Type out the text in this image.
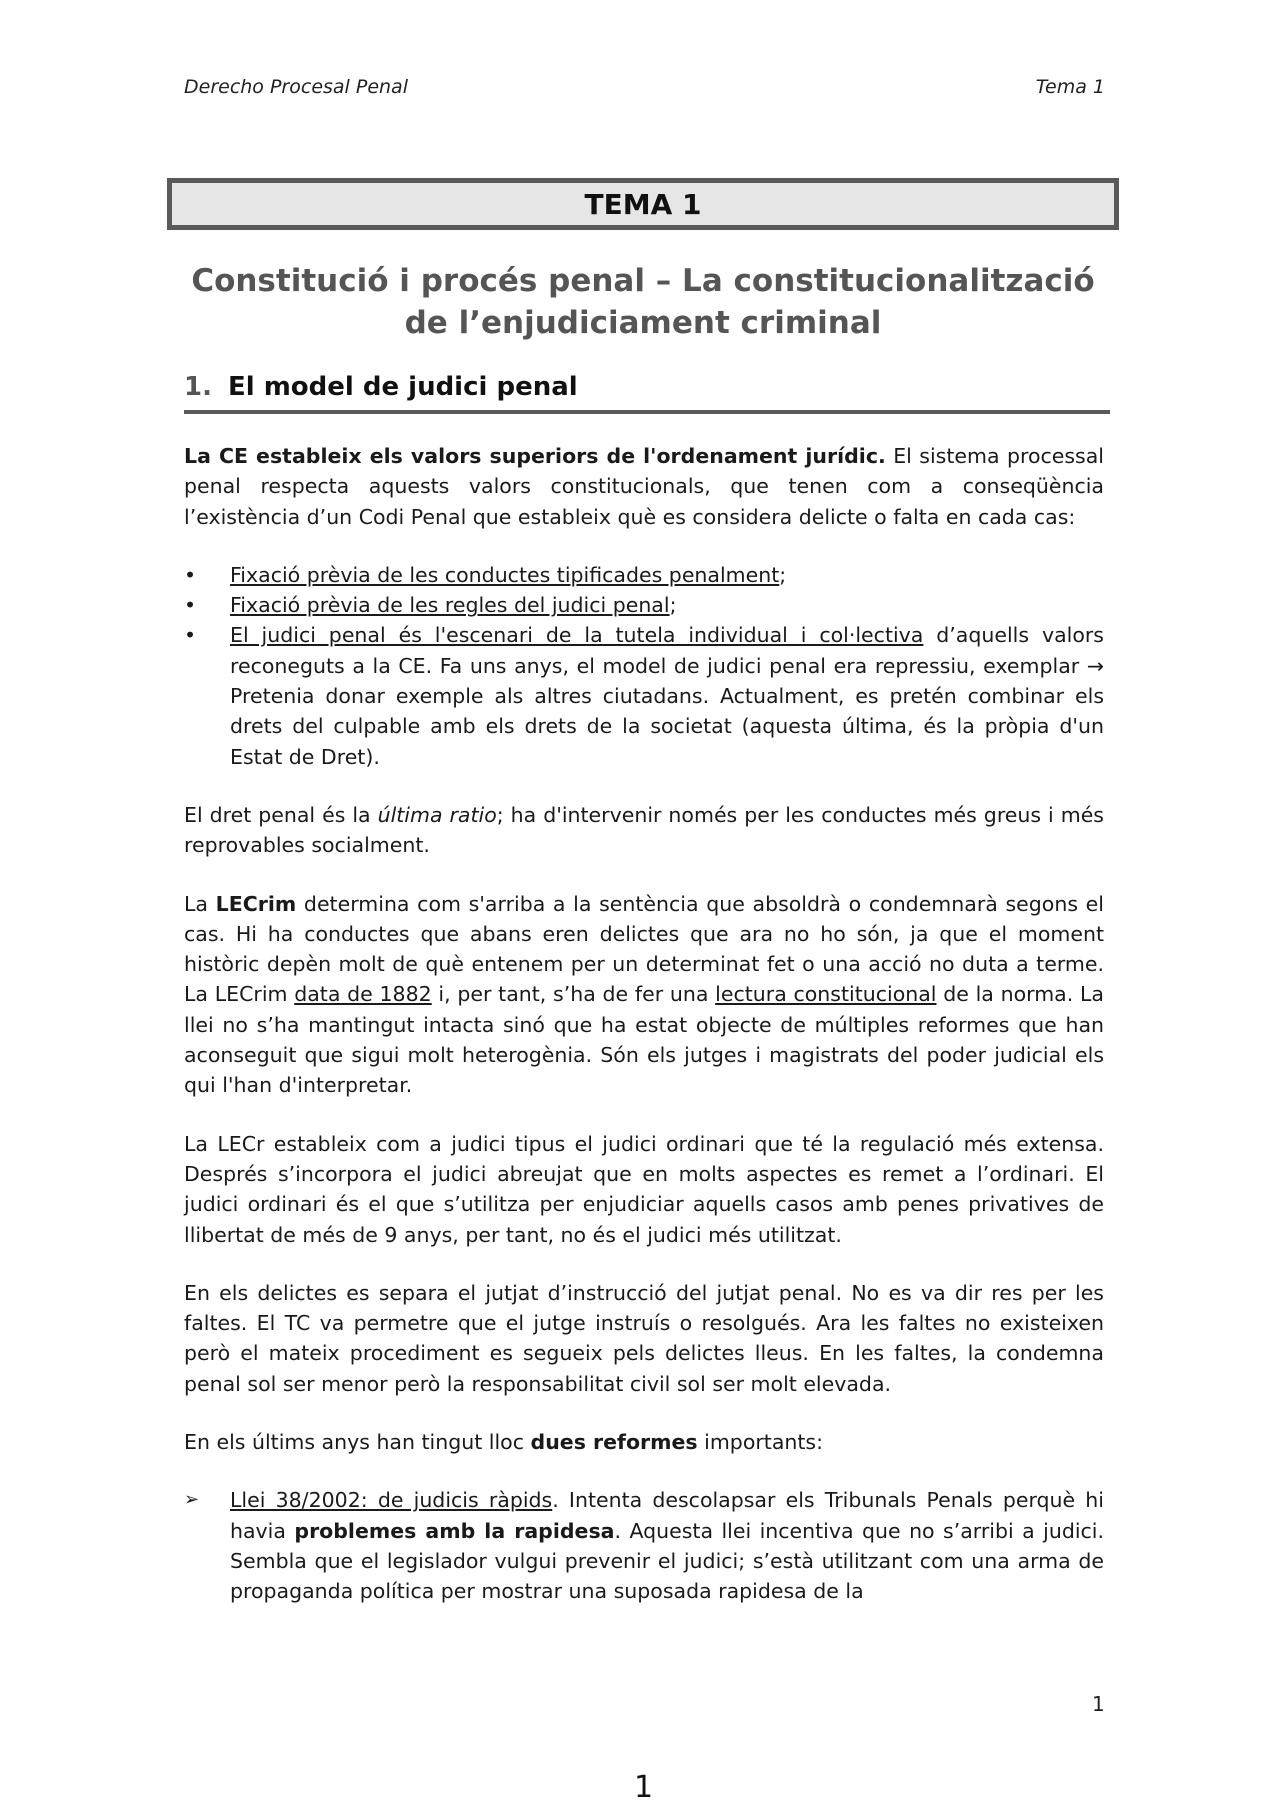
Derecho Procesal Penal	Tema 1
TEMA 1
Constitució i procés penal – La constitucionalització
de l’enjudiciament criminal
1. El model de judici penal

La CE estableix els valors superiors de l'ordenament jurídic. El sistema processal penal respecta aquests valors constitucionals, que tenen com a conseqüència l’existència d’un Codi Penal que estableix què es considera delicte o falta en cada cas:

• Fixació prèvia de les conductes tipificades penalment;
• Fixació prèvia de les regles del judici penal;
• El judici penal és l'escenari de la tutela individual i col·lectiva d’aquells valors reconeguts a la CE. Fa uns anys, el model de judici penal era repressiu, exemplar → Pretenia donar exemple als altres ciutadans. Actualment, es pretén combinar els drets del culpable amb els drets de la societat (aquesta última, és la pròpia d'un Estat de Dret).

El dret penal és la última ratio; ha d'intervenir només per les conductes més greus i més reprovables socialment.

La LECrim determina com s'arriba a la sentència que absoldrà o condemnarà segons el cas. Hi ha conductes que abans eren delictes que ara no ho són, ja que el moment històric depèn molt de què entenem per un determinat fet o una acció no duta a terme. La LECrim data de 1882 i, per tant, s’ha de fer una lectura constitucional de la norma. La llei no s’ha mantingut intacta sinó que ha estat objecte de múltiples reformes que han aconseguit que sigui molt heterogènia. Són els jutges i magistrats del poder judicial els qui l'han d'interpretar.

La LECr estableix com a judici tipus el judici ordinari que té la regulació més extensa. Després s’incorpora el judici abreujat que en molts aspectes es remet a l’ordinari. El judici ordinari és el que s’utilitza per enjudiciar aquells casos amb penes privatives de llibertat de més de 9 anys, per tant, no és el judici més utilitzat.

En els delictes es separa el jutjat d’instrucció del jutjat penal. No es va dir res per les faltes. El TC va permetre que el jutge instruís o resolgués. Ara les faltes no existeixen però el mateix procediment es segueix pels delictes lleus. En les faltes, la condemna penal sol ser menor però la responsabilitat civil sol ser molt elevada.

En els últims anys han tingut lloc dues reformes importants:

➢ Llei 38/2002: de judicis ràpids. Intenta descolapsar els Tribunals Penals perquè hi havia problemes amb la rapidesa. Aquesta llei incentiva que no s’arribi a judici. Sembla que el legislador vulgui prevenir el judici; s’està utilitzant com una arma de propaganda política per mostrar una suposada rapidesa de la
1
1
